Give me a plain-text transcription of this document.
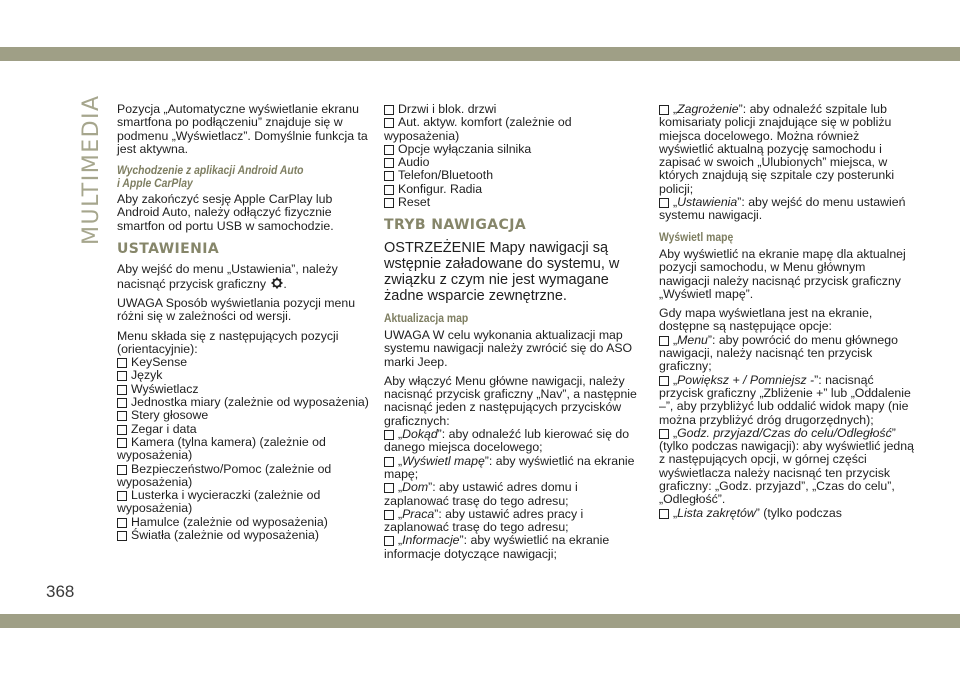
MULTIMEDIA
368

Pozycja „Automatyczne wyświetlanie ekranu smartfona po podłączeniu” znajduje się w podmenu „Wyświetlacz”. Domyślnie funkcja ta jest aktywna.

Wychodzenie z aplikacji Android Auto
i Apple CarPlay

Aby zakończyć sesję Apple CarPlay lub Android Auto, należy odłączyć fizycznie smartfon od portu USB w samochodzie.

USTAWIENIA

Aby wejść do menu „Ustawienia”, należy nacisnąć przycisk graficzny .

UWAGA Sposób wyświetlania pozycji menu różni się w zależności od wersji.

Menu składa się z następujących pozycji (orientacyjnie):

KeySense
Język
Wyświetlacz
Jednostka miary (zależnie od wyposażenia)
Stery głosowe
Zegar i data
Kamera (tylna kamera) (zależnie od wyposażenia)
Bezpieczeństwo/Pomoc (zależnie od wyposażenia)
Lusterka i wycieraczki (zależnie od wyposażenia)
Hamulce (zależnie od wyposażenia)
Światła (zależnie od wyposażenia)
Drzwi i blok. drzwi
Aut. aktyw. komfort (zależnie od wyposażenia)
Opcje wyłączania silnika
Audio
Telefon/Bluetooth
Konfigur. Radia
Reset
TRYB NAWIGACJA

OSTRZEŻENIE Mapy nawigacji są wstępnie załadowane do systemu, w związku z czym nie jest wymagane żadne wsparcie zewnętrzne.

Aktualizacja map

UWAGA W celu wykonania aktualizacji map systemu nawigacji należy zwrócić się do ASO marki Jeep.

Aby włączyć Menu główne nawigacji, należy nacisnąć przycisk graficzny „Nav”, a następnie nacisnąć jeden z następujących przycisków graficznych:

„Dokąd”: aby odnaleźć lub kierować się do danego miejsca docelowego;
„Wyświetl mapę”: aby wyświetlić na ekranie mapę;
„Dom”: aby ustawić adres domu i zaplanować trasę do tego adresu;
„Praca”: aby ustawić adres pracy i zaplanować trasę do tego adresu;
„Informacje”: aby wyświetlić na ekranie informacje dotyczące nawigacji;
„Zagrożenie”: aby odnaleźć szpitale lub komisariaty policji znajdujące się w pobliżu miejsca docelowego. Można również wyświetlić aktualną pozycję samochodu i zapisać w swoich „Ulubionych” miejsca, w których znajdują się szpitale czy posterunki policji;
„Ustawienia”: aby wejść do menu ustawień systemu nawigacji.
Wyświetl mapę

Aby wyświetlić na ekranie mapę dla aktualnej pozycji samochodu, w Menu głównym nawigacji należy nacisnąć przycisk graficzny „Wyświetl mapę”.

Gdy mapa wyświetlana jest na ekranie, dostępne są następujące opcje:

„Menu”: aby powrócić do menu głównego nawigacji, należy nacisnąć ten przycisk graficzny;
„Powiększ + / Pomniejsz -”: nacisnąć przycisk graficzny „Zbliżenie +” lub „Oddalenie –”, aby przybliżyć lub oddalić widok mapy (nie można przybliżyć dróg drugorzędnych);
„Godz. przyjazd/Czas do celu/Odległość” (tylko podczas nawigacji): aby wyświetlić jedną z następujących opcji, w górnej części wyświetlacza należy nacisnąć ten przycisk graficzny: „Godz. przyjazd”, „Czas do celu”, „Odległość”.
„Lista zakrętów” (tylko podczas
